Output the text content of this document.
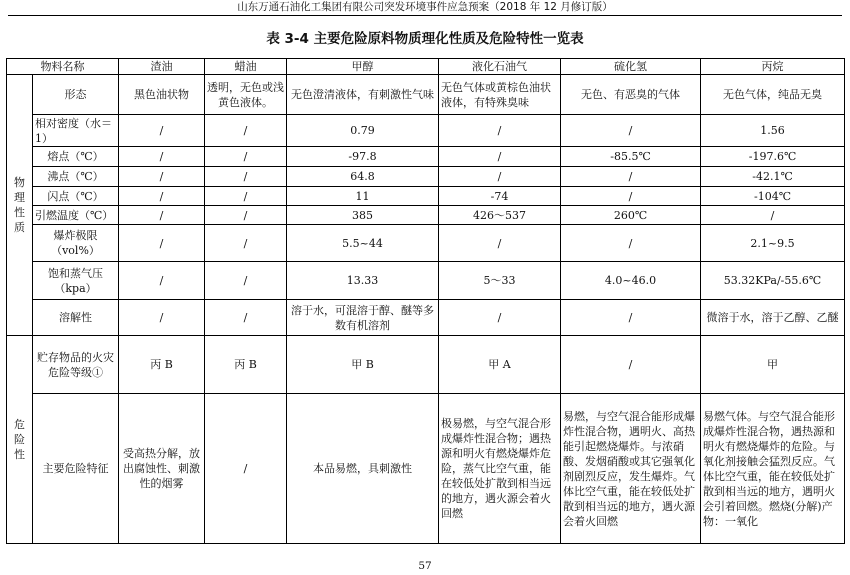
山东万通石油化工集团有限公司突发环境事件应急预案（2018 年 12 月修订版）
表 3-4 主要危险原料物质理化性质及危险特性一览表
物料名称		渣油	蜡油	甲醇	液化石油气	硫化氢	丙烷
物理性质	形态	黑色油状物	透明，无色或浅黄色液体。	无色澄清液体，有刺激性气味	无色气体或黄棕色油状液体，有特殊臭味	无色、有恶臭的气体	无色气体，纯品无臭
	相对密度（水＝1）	/	/	0.79	/	/	1.56
	熔点（℃）	/	/	-97.8	/	-85.5℃	-197.6℃
	沸点（℃）	/	/	64.8	/	/	-42.1℃
	闪点（℃）	/	/	11	-74	/	-104℃
	引燃温度（℃）	/	/	385	426～537	260℃	/
	爆炸极限（vol%）	/	/	5.5~44	/	/	2.1~9.5
	饱和蒸气压（kpa）	/	/	13.33	5～33	4.0~46.0	53.32KPa/-55.6℃
	溶解性	/	/	溶于水，可混溶于醇、醚等多数有机溶剂	/	/	微溶于水，溶于乙醇、乙醚
危险性	贮存物品的火灾危险等级①	丙 B	丙 B	甲 B	甲 A	/	甲
	主要危险特征	受高热分解，放出腐蚀性、刺激性的烟雾	/	本品易燃，具刺激性	极易燃，与空气混合形成爆炸性混合物；遇热源和明火有燃烧爆炸危险，蒸气比空气重，能在较低处扩散到相当远的地方，遇火源会着火回燃	易燃，与空气混合能形成爆炸性混合物，遇明火、高热能引起燃烧爆炸。与浓硝酸、发烟硝酸或其它强氧化剂剧烈反应，发生爆炸。气体比空气重，能在较低处扩散到相当远的地方，遇火源会着火回燃	易燃气体。与空气混合能形成爆炸性混合物，遇热源和明火有燃烧爆炸的危险。与氧化剂接触会猛烈反应。气体比空气重，能在较低处扩散到相当远的地方，遇明火会引着回燃。燃烧(分解)产物：一氧化
57
